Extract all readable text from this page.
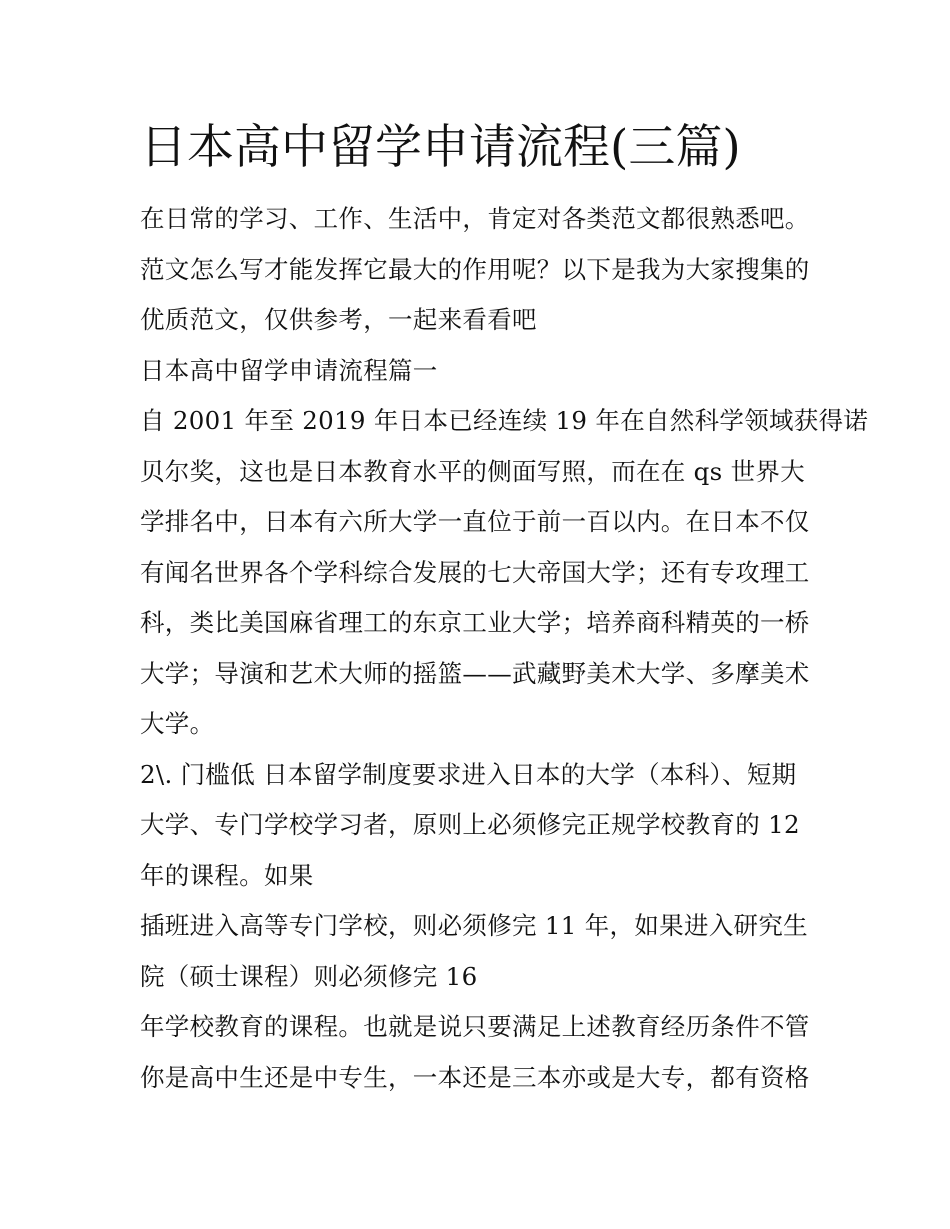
日本高中留学申请流程(三篇)

在日常的学习、工作、生活中，肯定对各类范文都很熟悉吧。
范文怎么写才能发挥它最大的作用呢？以下是我为大家搜集的
优质范文，仅供参考，一起来看看吧

日本高中留学申请流程篇一

自 2001 年至 2019 年日本已经连续 19 年在自然科学领域获得诺
贝尔奖，这也是日本教育水平的侧面写照，而在在 qs 世界大
学排名中，日本有六所大学一直位于前一百以内。在日本不仅
有闻名世界各个学科综合发展的七大帝国大学；还有专攻理工
科，类比美国麻省理工的东京工业大学；培养商科精英的一桥
大学；导演和艺术大师的摇篮——武藏野美术大学、多摩美术
大学。

2\. 门槛低 日本留学制度要求进入日本的大学（本科）、短期
大学、专门学校学习者，原则上必须修完正规学校教育的 12
年的课程。如果

插班进入高等专门学校，则必须修完 11 年，如果进入研究生
院（硕士课程）则必须修完 16

年学校教育的课程。也就是说只要满足上述教育经历条件不管
你是高中生还是中专生，一本还是三本亦或是大专，都有资格
